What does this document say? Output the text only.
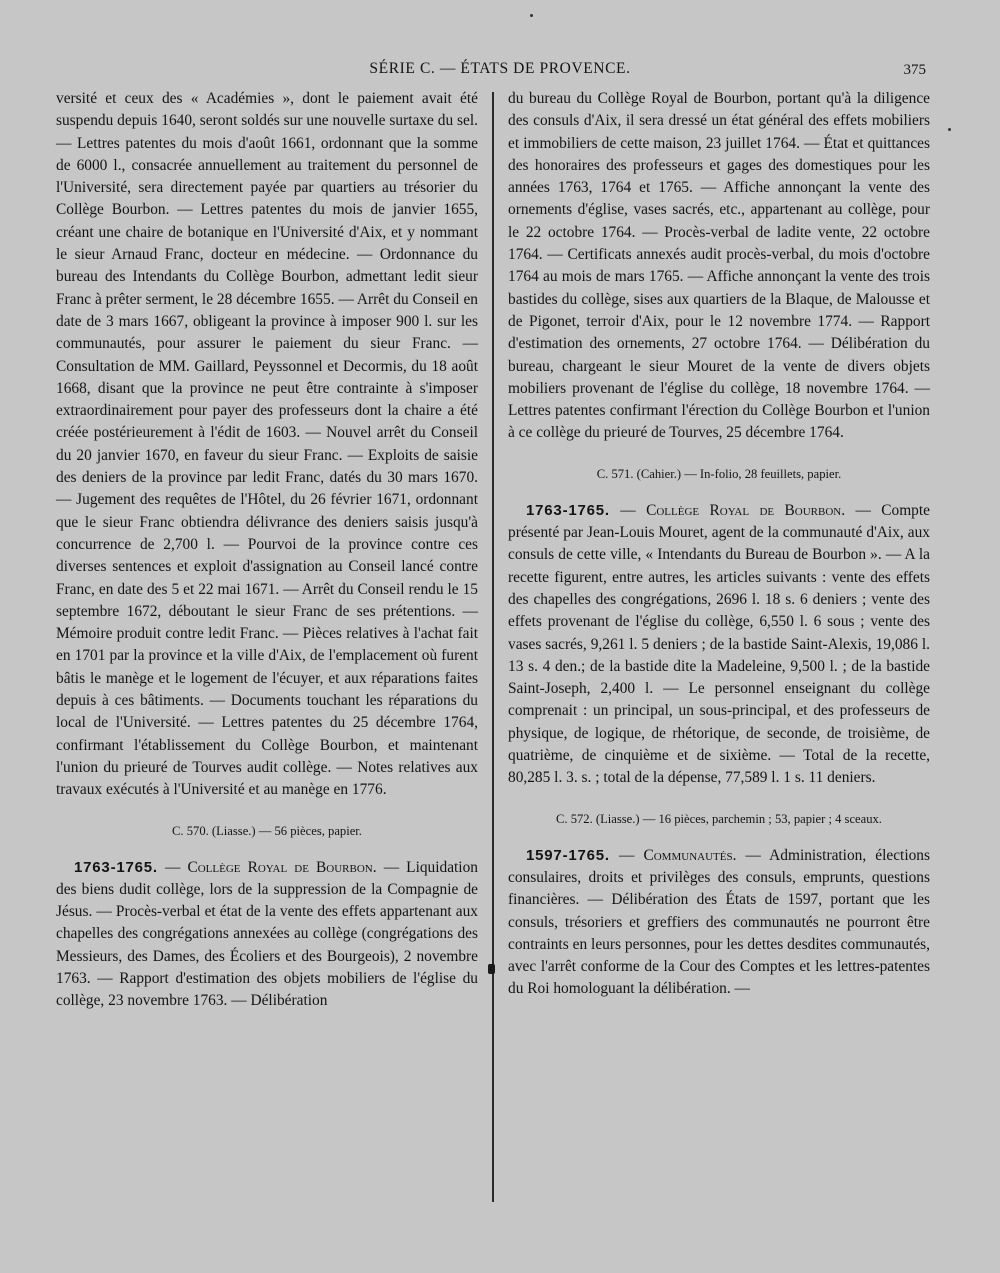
SÉRIE C. — ÉTATS DE PROVENCE.	375

versité et ceux des « Académies », dont le paiement avait été suspendu depuis 1640, seront soldés sur une nouvelle surtaxe du sel. — Lettres patentes du mois d'août 1661, ordonnant que la somme de 6000 l., consacrée annuellement au traitement du personnel de l'Université, sera directement payée par quartiers au trésorier du Collège Bourbon. — Lettres patentes du mois de janvier 1655, créant une chaire de botanique en l'Université d'Aix, et y nommant le sieur Arnaud Franc, docteur en médecine. — Ordonnance du bureau des Intendants du Collège Bourbon, admettant ledit sieur Franc à prêter serment, le 28 décembre 1655. — Arrêt du Conseil en date de 3 mars 1667, obligeant la province à imposer 900 l. sur les communautés, pour assurer le paiement du sieur Franc. — Consultation de MM. Gaillard, Peyssonnel et Decormis, du 18 août 1668, disant que la province ne peut être contrainte à s'imposer extraordinairement pour payer des professeurs dont la chaire a été créée postérieurement à l'édit de 1603. — Nouvel arrêt du Conseil du 20 janvier 1670, en faveur du sieur Franc. — Exploits de saisie des deniers de la province par ledit Franc, datés du 30 mars 1670. — Jugement des requêtes de l'Hôtel, du 26 février 1671, ordonnant que le sieur Franc obtiendra délivrance des deniers saisis jusqu'à concurrence de 2,700 l. — Pourvoi de la province contre ces diverses sentences et exploit d'assignation au Conseil lancé contre Franc, en date des 5 et 22 mai 1671. — Arrêt du Conseil rendu le 15 septembre 1672, déboutant le sieur Franc de ses prétentions. — Mémoire produit contre ledit Franc. — Pièces relatives à l'achat fait en 1701 par la province et la ville d'Aix, de l'emplacement où furent bâtis le manège et le logement de l'écuyer, et aux réparations faites depuis à ces bâtiments. — Documents touchant les réparations du local de l'Université. — Lettres patentes du 25 décembre 1764, confirmant l'établissement du Collège Bourbon, et maintenant l'union du prieuré de Tourves audit collège. — Notes relatives aux travaux exécutés à l'Université et au manège en 1776.

C. 570. (Liasse.) — 56 pièces, papier.

1763-1765. — Collège Royal de Bourbon. — Liquidation des biens dudit collège, lors de la suppression de la Compagnie de Jésus. — Procès-verbal et état de la vente des effets appartenant aux chapelles des congrégations annexées au collège (congrégations des Messieurs, des Dames, des Écoliers et des Bourgeois), 2 novembre 1763. — Rapport d'estimation des objets mobiliers de l'église du collège, 23 novembre 1763. — Délibération

du bureau du Collège Royal de Bourbon, portant qu'à la diligence des consuls d'Aix, il sera dressé un état général des effets mobiliers et immobiliers de cette maison, 23 juillet 1764. — État et quittances des honoraires des professeurs et gages des domestiques pour les années 1763, 1764 et 1765. — Affiche annonçant la vente des ornements d'église, vases sacrés, etc., appartenant au collège, pour le 22 octobre 1764. — Procès-verbal de ladite vente, 22 octobre 1764. — Certificats annexés audit procès-verbal, du mois d'octobre 1764 au mois de mars 1765. — Affiche annonçant la vente des trois bastides du collège, sises aux quartiers de la Blaque, de Malousse et de Pigonet, terroir d'Aix, pour le 12 novembre 1774. — Rapport d'estimation des ornements, 27 octobre 1764. — Délibération du bureau, chargeant le sieur Mouret de la vente de divers objets mobiliers provenant de l'église du collège, 18 novembre 1764. — Lettres patentes confirmant l'érection du Collège Bourbon et l'union à ce collège du prieuré de Tourves, 25 décembre 1764.

C. 571. (Cahier.) — In-folio, 28 feuillets, papier.

1763-1765. — Collège Royal de Bourbon. — Compte présenté par Jean-Louis Mouret, agent de la communauté d'Aix, aux consuls de cette ville, « Intendants du Bureau de Bourbon ». — A la recette figurent, entre autres, les articles suivants : vente des effets des chapelles des congrégations, 2696 l. 18 s. 6 deniers ; vente des effets provenant de l'église du collège, 6,550 l. 6 sous ; vente des vases sacrés, 9,261 l. 5 deniers ; de la bastide Saint-Alexis, 19,086 l. 13 s. 4 den.; de la bastide dite la Madeleine, 9,500 l. ; de la bastide Saint-Joseph, 2,400 l. — Le personnel enseignant du collège comprenait : un principal, un sous-principal, et des professeurs de physique, de logique, de rhétorique, de seconde, de troisième, de quatrième, de cinquième et de sixième. — Total de la recette, 80,285 l. 3. s. ; total de la dépense, 77,589 l. 1 s. 11 deniers.

C. 572. (Liasse.) — 16 pièces, parchemin ; 53, papier ; 4 sceaux.

1597-1765. — Communautés. — Administration, élections consulaires, droits et privilèges des consuls, emprunts, questions financières. — Délibération des États de 1597, portant que les consuls, trésoriers et greffiers des communautés ne pourront être contraints en leurs personnes, pour les dettes desdites communautés, avec l'arrêt conforme de la Cour des Comptes et les lettres-patentes du Roi homologuant la délibération. —
